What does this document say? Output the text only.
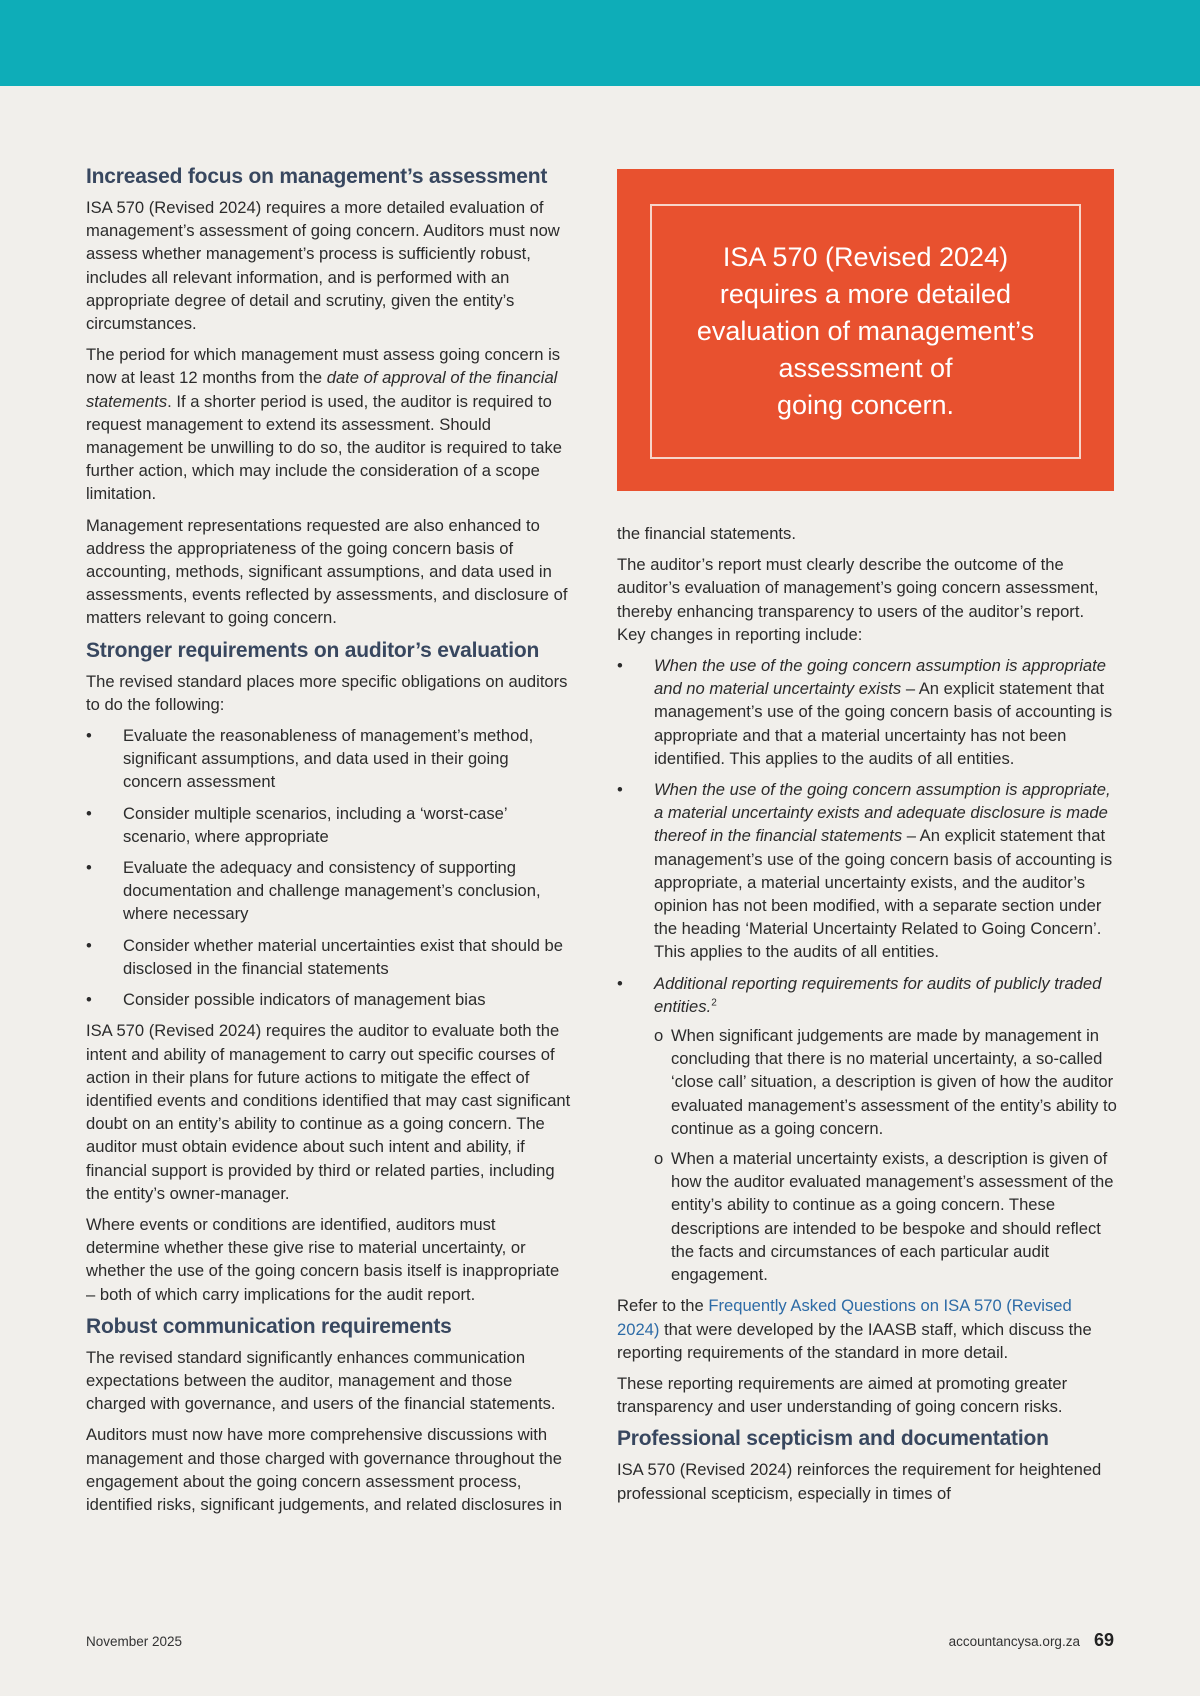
Increased focus on management’s assessment

ISA 570 (Revised 2024) requires a more detailed evaluation of management’s assessment of going concern. Auditors must now assess whether management’s process is sufficiently robust, includes all relevant information, and is performed with an appropriate degree of detail and scrutiny, given the entity’s circumstances.

The period for which management must assess going concern is now at least 12 months from the date of approval of the financial statements. If a shorter period is used, the auditor is required to request management to extend its assessment. Should management be unwilling to do so, the auditor is required to take further action, which may include the consideration of a scope limitation.

Management representations requested are also enhanced to address the appropriateness of the going concern basis of accounting, methods, significant assumptions, and data used in assessments, events reflected by assessments, and disclosure of matters relevant to going concern.

Stronger requirements on auditor’s evaluation

The revised standard places more specific obligations on auditors to do the following:

• Evaluate the reasonableness of management’s method, significant assumptions, and data used in their going concern assessment
• Consider multiple scenarios, including a ‘worst-case’ scenario, where appropriate
• Evaluate the adequacy and consistency of supporting documentation and challenge management’s conclusion, where necessary
• Consider whether material uncertainties exist that should be disclosed in the financial statements
• Consider possible indicators of management bias

ISA 570 (Revised 2024) requires the auditor to evaluate both the intent and ability of management to carry out specific courses of action in their plans for future actions to mitigate the effect of identified events and conditions identified that may cast significant doubt on an entity’s ability to continue as a going concern. The auditor must obtain evidence about such intent and ability, if financial support is provided by third or related parties, including the entity’s owner-manager.

Where events or conditions are identified, auditors must determine whether these give rise to material uncertainty, or whether the use of the going concern basis itself is inappropriate – both of which carry implications for the audit report.

Robust communication requirements

The revised standard significantly enhances communication expectations between the auditor, management and those charged with governance, and users of the financial statements.

Auditors must now have more comprehensive discussions with management and those charged with governance throughout the engagement about the going concern assessment process, identified risks, significant judgements, and related disclosures in

ISA 570 (Revised 2024)
requires a more detailed
evaluation of management’s
assessment of
going concern.

the financial statements.

The auditor’s report must clearly describe the outcome of the auditor’s evaluation of management’s going concern assessment, thereby enhancing transparency to users of the auditor’s report. Key changes in reporting include:

• When the use of the going concern assumption is appropriate and no material uncertainty exists – An explicit statement that management’s use of the going concern basis of accounting is appropriate and that a material uncertainty has not been identified. This applies to the audits of all entities.
• When the use of the going concern assumption is appropriate, a material uncertainty exists and adequate disclosure is made thereof in the financial statements – An explicit statement that management’s use of the going concern basis of accounting is appropriate, a material uncertainty exists, and the auditor’s opinion has not been modified, with a separate section under the heading ‘Material Uncertainty Related to Going Concern’. This applies to the audits of all entities.
• Additional reporting requirements for audits of publicly traded entities.$^2$
o When significant judgements are made by management in concluding that there is no material uncertainty, a so-called ‘close call’ situation, a description is given of how the auditor evaluated management’s assessment of the entity’s ability to continue as a going concern.
o When a material uncertainty exists, a description is given of how the auditor evaluated management’s assessment of the entity’s ability to continue as a going concern. These descriptions are intended to be bespoke and should reflect the facts and circumstances of each particular audit engagement.

Refer to the Frequently Asked Questions on ISA 570 (Revised 2024) that were developed by the IAASB staff, which discuss the reporting requirements of the standard in more detail.

These reporting requirements are aimed at promoting greater transparency and user understanding of going concern risks.

Professional scepticism and documentation

ISA 570 (Revised 2024) reinforces the requirement for heightened professional scepticism, especially in times of

November 2025	accountancysa.org.za 69
